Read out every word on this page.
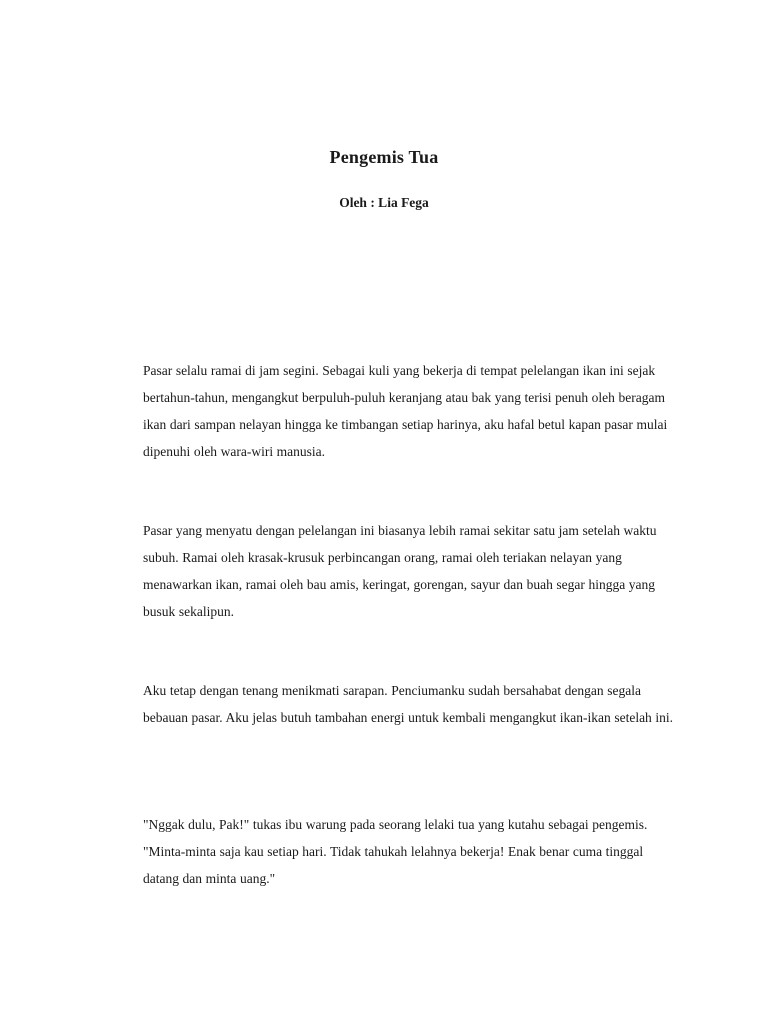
Pengemis Tua

Oleh : Lia Fega

Pasar selalu ramai di jam segini. Sebagai kuli yang bekerja di tempat pelelangan ikan ini sejak bertahun-tahun, mengangkut berpuluh-puluh keranjang atau bak yang terisi penuh oleh beragam ikan dari sampan nelayan hingga ke timbangan setiap harinya, aku hafal betul kapan pasar mulai dipenuhi oleh wara-wiri manusia.

Pasar yang menyatu dengan pelelangan ini biasanya lebih ramai sekitar satu jam setelah waktu subuh. Ramai oleh krasak-krusuk perbincangan orang, ramai oleh teriakan nelayan yang menawarkan ikan, ramai oleh bau amis, keringat, gorengan, sayur dan buah segar hingga yang busuk sekalipun.

Aku tetap dengan tenang menikmati sarapan. Penciumanku sudah bersahabat dengan segala bebauan pasar. Aku jelas butuh tambahan energi untuk kembali mengangkut ikan-ikan setelah ini.

"Nggak dulu, Pak!" tukas ibu warung pada seorang lelaki tua yang kutahu sebagai pengemis. "Minta-minta saja kau setiap hari. Tidak tahukah lelahnya bekerja! Enak benar cuma tinggal datang dan minta uang."
